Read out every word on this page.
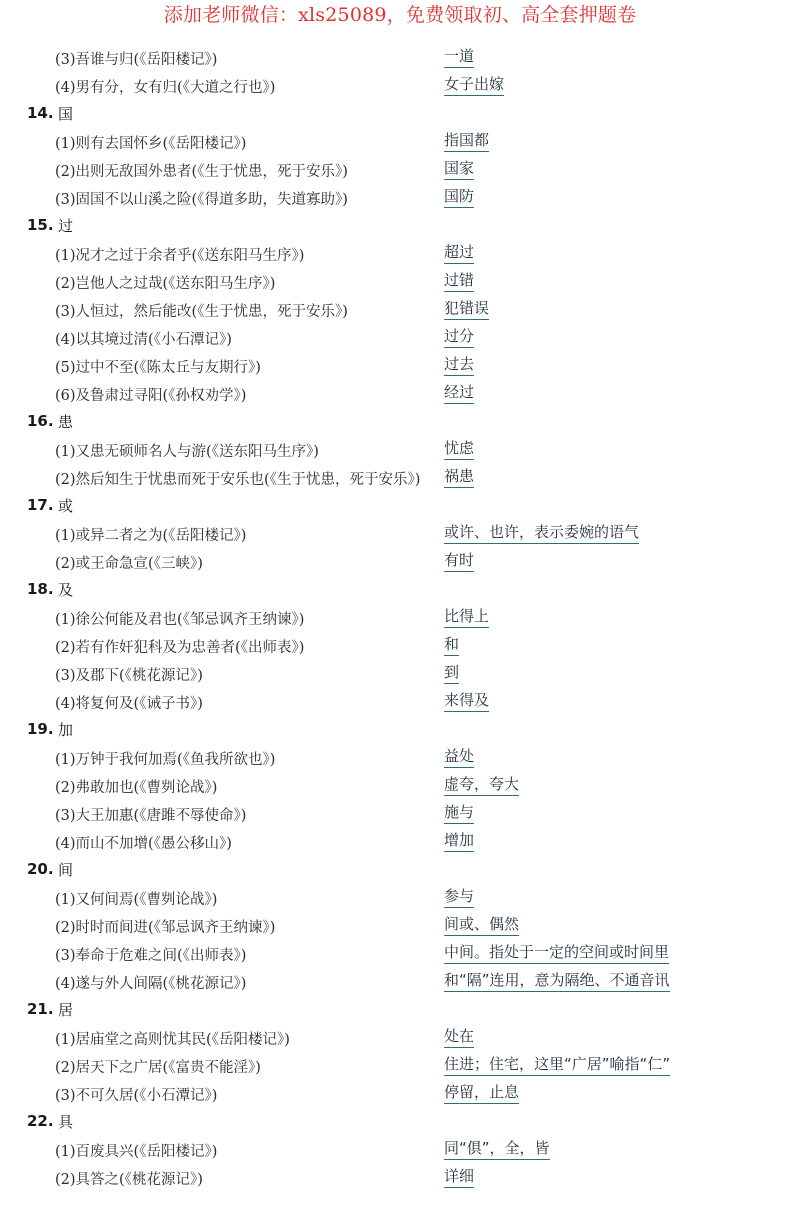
添加老师微信：xls25089，免费领取初、高全套押题卷
(3)吾谁与归(《岳阳楼记》)	一道
(4)男有分，女有归(《大道之行也》)	女子出嫁
14. 国
(1)则有去国怀乡(《岳阳楼记》)	指国都
(2)出则无敌国外患者(《生于忧患，死于安乐》)	国家
(3)固国不以山溪之险(《得道多助，失道寡助》)	国防
15. 过
(1)况才之过于余者乎(《送东阳马生序》)	超过
(2)岂他人之过哉(《送东阳马生序》)	过错
(3)人恒过，然后能改(《生于忧患，死于安乐》)	犯错误
(4)以其境过清(《小石潭记》)	过分
(5)过中不至(《陈太丘与友期行》)	过去
(6)及鲁肃过寻阳(《孙权劝学》)	经过
16. 患
(1)又患无硕师名人与游(《送东阳马生序》)	忧虑
(2)然后知生于忧患而死于安乐也(《生于忧患，死于安乐》) 祸患
17. 或
(1)或异二者之为(《岳阳楼记》)	或许、也许，表示委婉的语气
(2)或王命急宣(《三峡》)	有时
18. 及
(1)徐公何能及君也(《邹忌讽齐王纳谏》)	比得上
(2)若有作奸犯科及为忠善者(《出师表》)	和
(3)及郡下(《桃花源记》)	到
(4)将复何及(《诫子书》)	来得及
19. 加
(1)万钟于我何加焉(《鱼我所欲也》)	益处
(2)弗敢加也(《曹刿论战》)	虚夸，夸大
(3)大王加惠(《唐雎不辱使命》)	施与
(4)而山不加增(《愚公移山》)	增加
20. 间
(1)又何间焉(《曹刿论战》)	参与
(2)时时而间进(《邹忌讽齐王纳谏》)	间或、偶然
(3)奉命于危难之间(《出师表》)	中间。指处于一定的空间或时间里
(4)遂与外人间隔(《桃花源记》)	和“隔”连用，意为隔绝、不通音讯
21. 居
(1)居庙堂之高则忧其民(《岳阳楼记》)	处在
(2)居天下之广居(《富贵不能淫》)	住进；住宅，这里“广居”喻指“仁”
(3)不可久居(《小石潭记》)	停留，止息
22. 具
(1)百废具兴(《岳阳楼记》)	同“俱”，全，皆
(2)具答之(《桃花源记》)	详细
